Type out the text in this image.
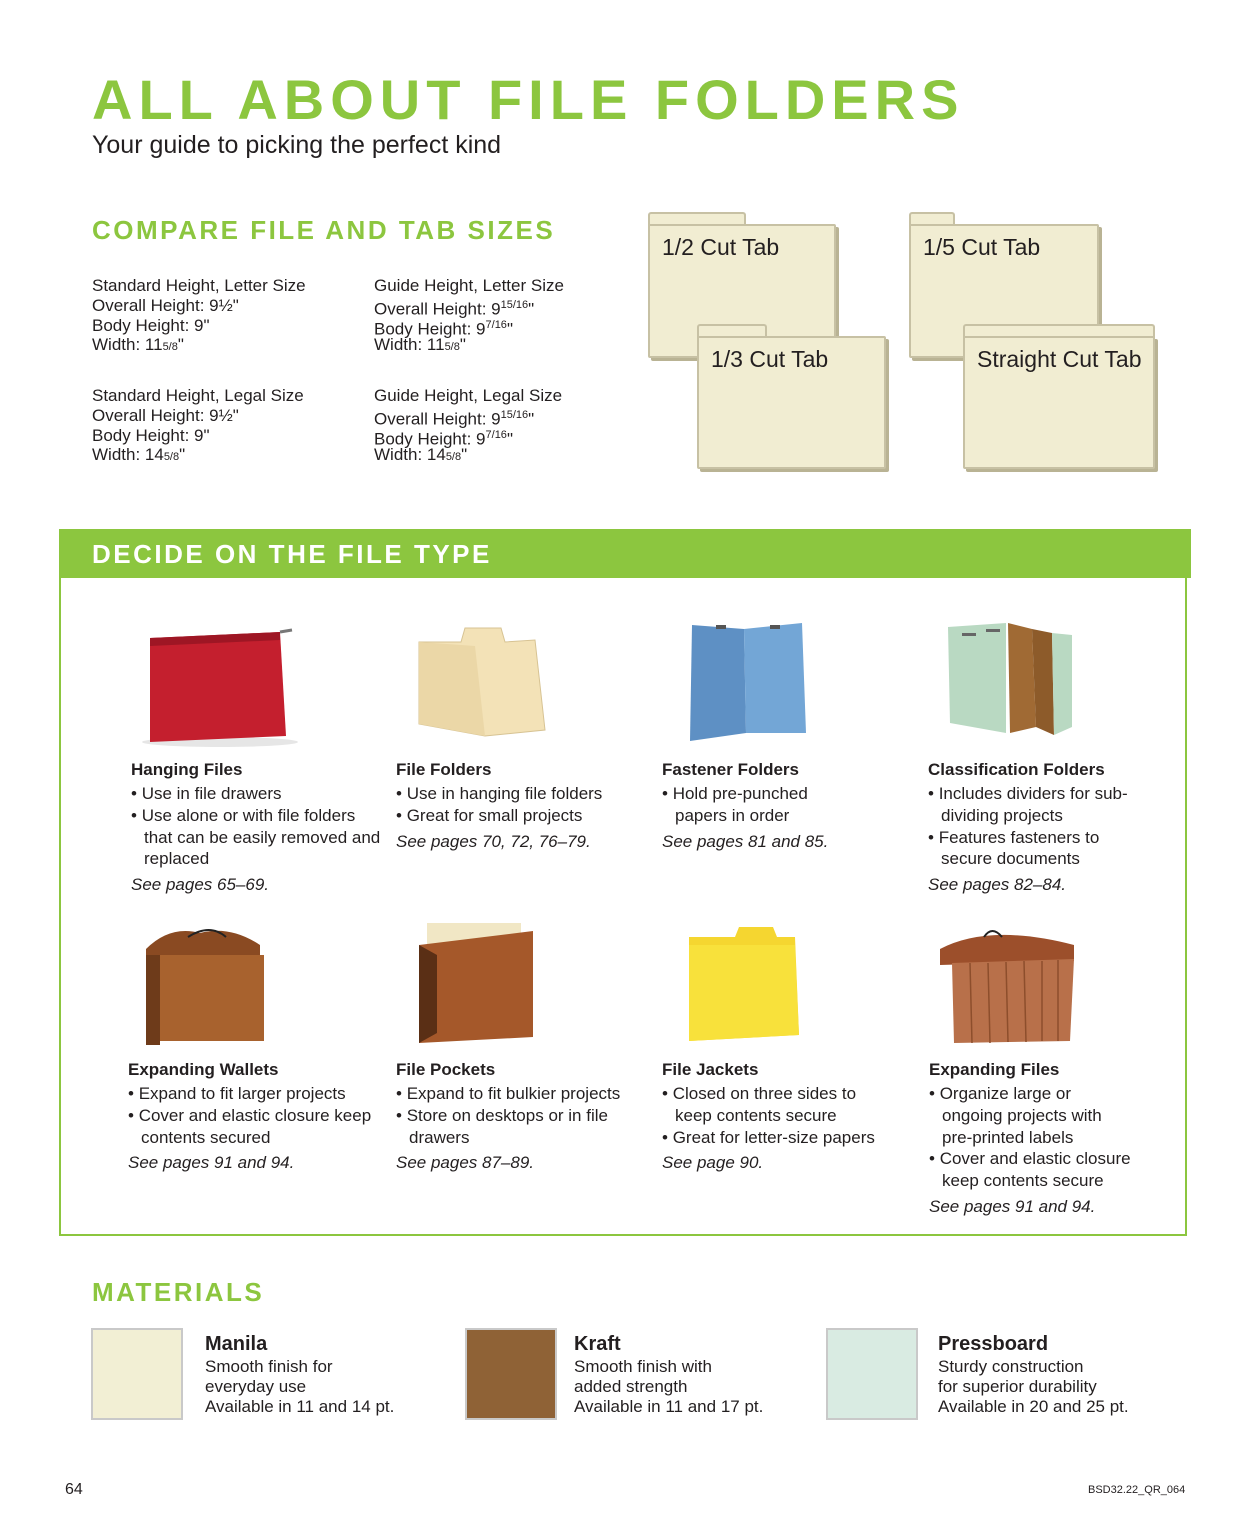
ALL ABOUT FILE FOLDERS
Your guide to picking the perfect kind
COMPARE FILE AND TAB SIZES
Standard Height, Letter Size
Overall Height: 9½"
Body Height: 9"
Width: 115/8"
Guide Height, Letter Size
Overall Height: $9^{15/16}$"
Body Height: $9^{7/16}$"
Width: 115/8"
Standard Height, Legal Size
Overall Height: 9½"
Body Height: 9"
Width: 145/8"
Guide Height, Legal Size
Overall Height: $9^{15/16}$"
Body Height: $9^{7/16}$"
Width: 145/8"
1/2 Cut Tab	1/5 Cut Tab
1/3 Cut Tab	Straight Cut Tab
DECIDE ON THE FILE TYPE
Hanging Files
• Use in file drawers
• Use alone or with file folders that can be easily removed and replaced
See pages 65–69.
File Folders
• Use in hanging file folders
• Great for small projects
See pages 70, 72, 76–79.
Fastener Folders
• Hold pre-punched papers in order
See pages 81 and 85.
Classification Folders
• Includes dividers for sub-dividing projects
• Features fasteners to secure documents
See pages 82–84.
Expanding Wallets
• Expand to fit larger projects
• Cover and elastic closure keep contents secured
See pages 91 and 94.
File Pockets
• Expand to fit bulkier projects
• Store on desktops or in file drawers
See pages 87–89.
File Jackets
• Closed on three sides to keep contents secure
• Great for letter-size papers
See page 90.
Expanding Files
• Organize large or ongoing projects with pre-printed labels
• Cover and elastic closure keep contents secure
See pages 91 and 94.
MATERIALS
Manila
Smooth finish for
everyday use
Available in 11 and 14 pt.
Kraft
Smooth finish with
added strength
Available in 11 and 17 pt.
Pressboard
Sturdy construction
for superior durability
Available in 20 and 25 pt.
64	BSD32.22_QR_064
